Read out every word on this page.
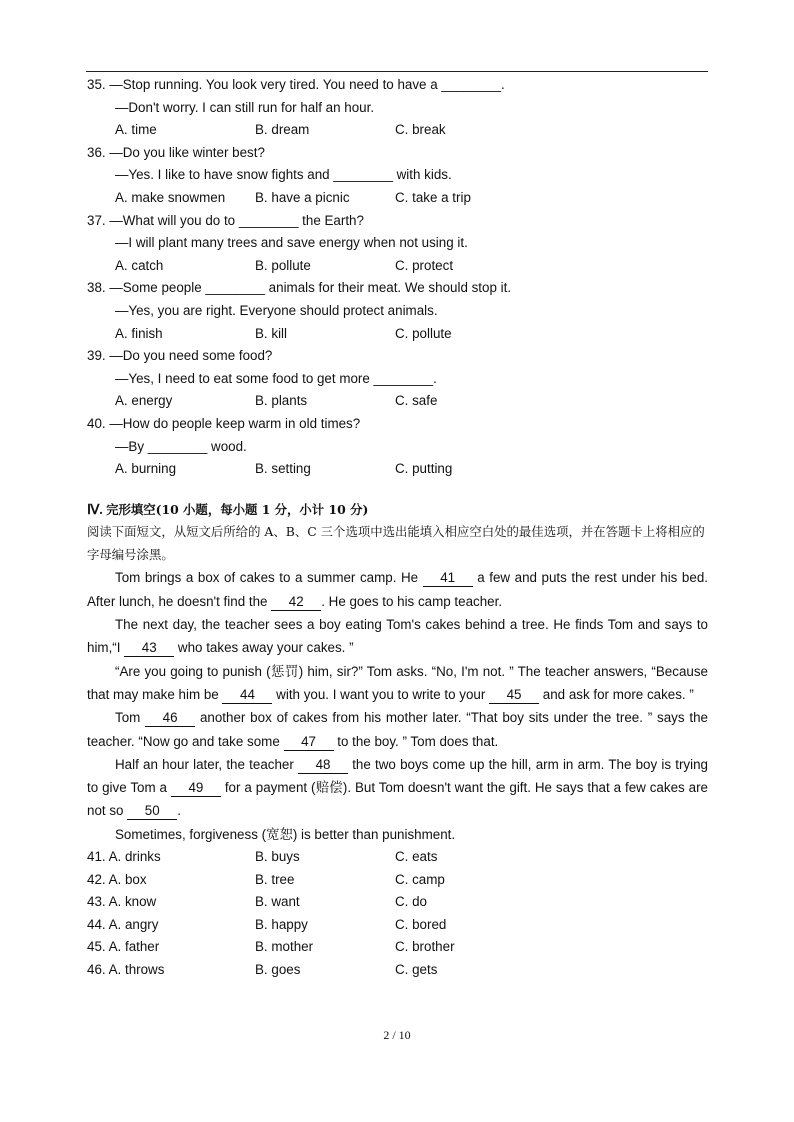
35. —Stop running. You look very tired. You need to have a ________.
—Don't worry. I can still run for half an hour.
A. time	B. dream	C. break
36. —Do you like winter best?
—Yes. I like to have snow fights and ________ with kids.
A. make snowmen B. have a picnic	C. take a trip
37. —What will you do to ________ the Earth?
—I will plant many trees and save energy when not using it.
A. catch	B. pollute	C. protect
38. —Some people ________ animals for their meat. We should stop it.
—Yes, you are right. Everyone should protect animals.
A. finish	B. kill	C. pollute
39. —Do you need some food?
—Yes, I need to eat some food to get more ________.
A. energy	B. plants	C. safe
40. —How do people keep warm in old times?
—By ________ wood.
A. burning	B. setting	C. putting
Ⅳ. 完形填空(10 小题，每小题 1 分，小计 10 分)

阅读下面短文，从短文后所给的 A、B、C 三个选项中选出能填入相应空白处的最佳选项，并在答题卡上将相应的字母编号涂黑。

Tom brings a box of cakes to a summer camp. He 41 a few and puts the rest under his bed. After lunch, he doesn't find the 42 . He goes to his camp teacher.

The next day, the teacher sees a boy eating Tom's cakes behind a tree. He finds Tom and says to him,“I 43 who takes away your cakes. ”

“Are you going to punish (惩罚) him, sir?” Tom asks. “No, I'm not. ” The teacher answers, “Because that may make him be 44 with you. I want you to write to your 45 and ask for more cakes. ”

Tom 46 another box of cakes from his mother later. “That boy sits under the tree. ” says the teacher. “Now go and take some 47 to the boy. ” Tom does that.

Half an hour later, the teacher 48 the two boys come up the hill, arm in arm. The boy is trying to give Tom a 49 for a payment (赔偿). But Tom doesn't want the gift. He says that a few cakes are not so 50 .

Sometimes, forgiveness (宽恕) is better than punishment.

41. A. drinks	B. buys	C. eats
42. A. box	B. tree	C. camp
43. A. know	B. want	C. do
44. A. angry	B. happy	C. bored
45. A. father	B. mother	C. brother
46. A. throws	B. goes	C. gets
2 / 10
